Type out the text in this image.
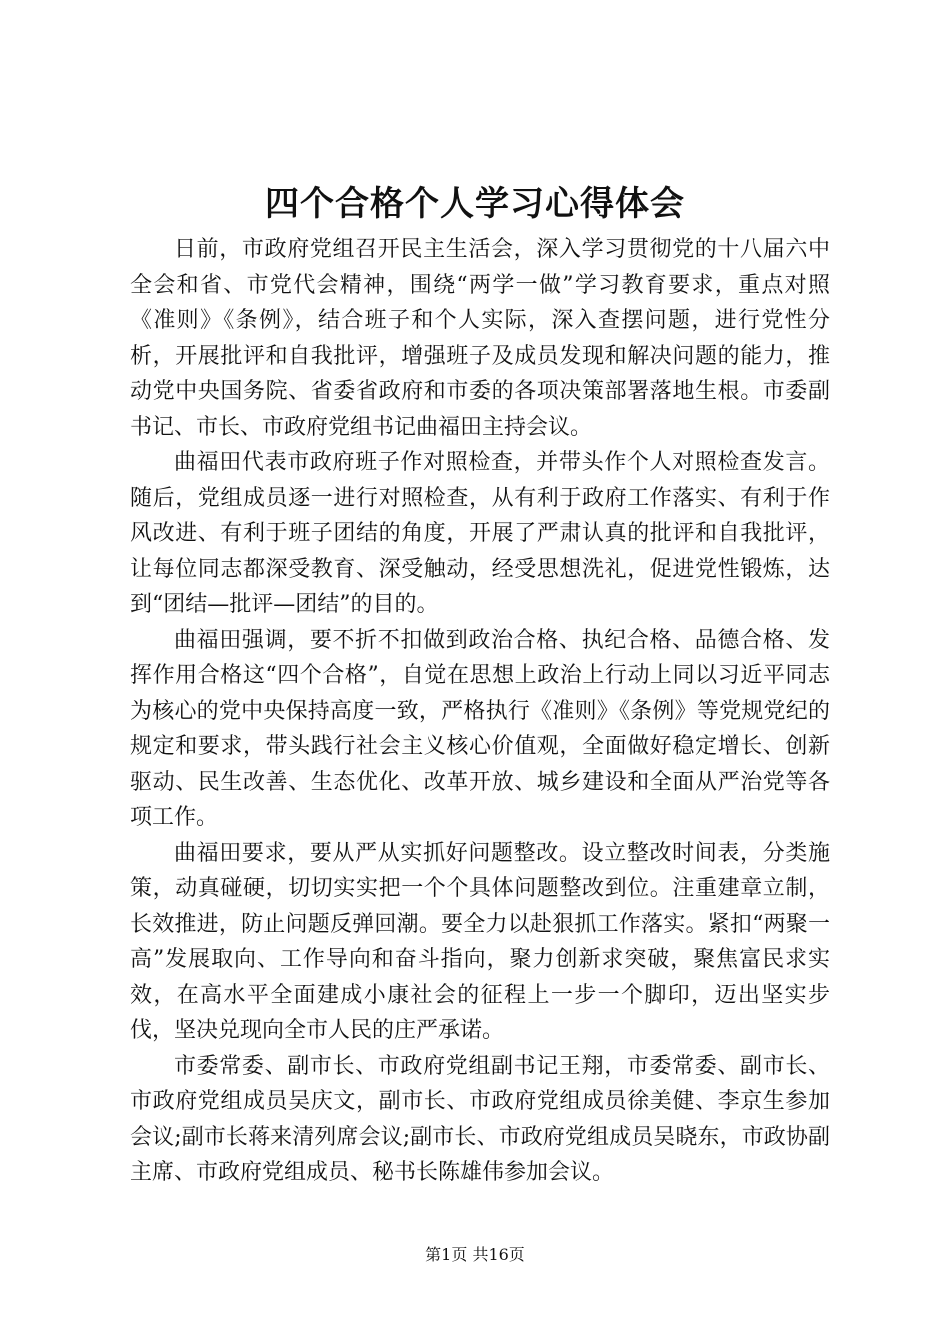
四个合格个人学习心得体会

日前，市政府党组召开民主生活会，深入学习贯彻党的十八届六中全会和省、市党代会精神，围绕“两学一做”学习教育要求，重点对照《准则》《条例》，结合班子和个人实际，深入查摆问题，进行党性分析，开展批评和自我批评，增强班子及成员发现和解决问题的能力，推动党中央国务院、省委省政府和市委的各项决策部署落地生根。市委副书记、市长、市政府党组书记曲福田主持会议。

曲福田代表市政府班子作对照检查，并带头作个人对照检查发言。随后，党组成员逐一进行对照检查，从有利于政府工作落实、有利于作风改进、有利于班子团结的角度，开展了严肃认真的批评和自我批评，让每位同志都深受教育、深受触动，经受思想洗礼，促进党性锻炼，达到“团结—批评—团结”的目的。

曲福田强调，要不折不扣做到政治合格、执纪合格、品德合格、发挥作用合格这“四个合格”，自觉在思想上政治上行动上同以习近平同志为核心的党中央保持高度一致，严格执行《准则》《条例》等党规党纪的规定和要求，带头践行社会主义核心价值观，全面做好稳定增长、创新驱动、民生改善、生态优化、改革开放、城乡建设和全面从严治党等各项工作。

曲福田要求，要从严从实抓好问题整改。设立整改时间表，分类施策，动真碰硬，切切实实把一个个具体问题整改到位。注重建章立制，长效推进，防止问题反弹回潮。要全力以赴狠抓工作落实。紧扣“两聚一高”发展取向、工作导向和奋斗指向，聚力创新求突破，聚焦富民求实效，在高水平全面建成小康社会的征程上一步一个脚印，迈出坚实步伐，坚决兑现向全市人民的庄严承诺。

市委常委、副市长、市政府党组副书记王翔，市委常委、副市长、市政府党组成员吴庆文，副市长、市政府党组成员徐美健、李京生参加会议;副市长蒋来清列席会议;副市长、市政府党组成员吴晓东，市政协副主席、市政府党组成员、秘书长陈雄伟参加会议。

第1页 共16页
